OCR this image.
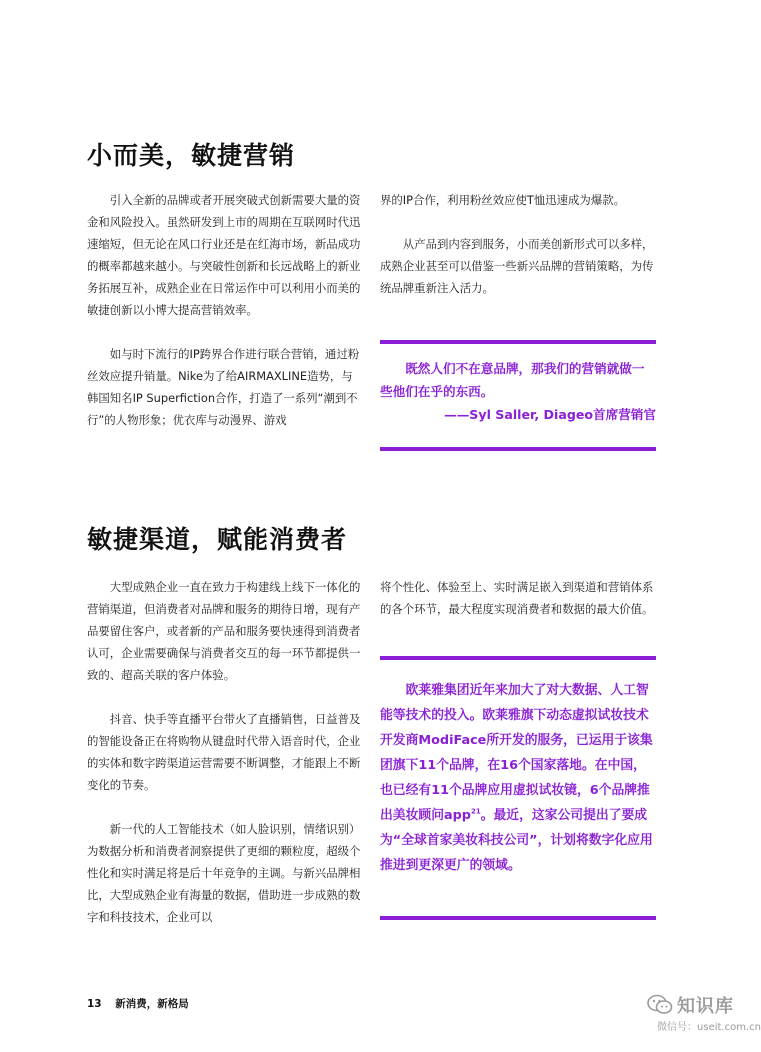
小而美，敏捷营销

引入全新的品牌或者开展突破式创新需要大量的资金和风险投入。虽然研发到上市的周期在互联网时代迅速缩短，但无论在风口行业还是在红海市场，新品成功的概率都越来越小。与突破性创新和长远战略上的新业务拓展互补，成熟企业在日常运作中可以利用小而美的敏捷创新以小博大提高营销效率。

如与时下流行的IP跨界合作进行联合营销，通过粉丝效应提升销量。Nike为了给AIRMAXLINE造势，与韩国知名IP Superfiction合作，打造了一系列“潮到不行”的人物形象；优衣库与动漫界、游戏

界的IP合作，利用粉丝效应使T恤迅速成为爆款。

从产品到内容到服务，小而美创新形式可以多样，成熟企业甚至可以借鉴一些新兴品牌的营销策略，为传统品牌重新注入活力。

既然人们不在意品牌，那我们的营销就做一些他们在乎的东西。
——Syl Saller, Diageo首席营销官
敏捷渠道，赋能消费者

大型成熟企业一直在致力于构建线上线下一体化的营销渠道，但消费者对品牌和服务的期待日增，现有产品要留住客户，或者新的产品和服务要快速得到消费者认可，企业需要确保与消费者交互的每一环节都提供一致的、超高关联的客户体验。

抖音、快手等直播平台带火了直播销售，日益普及的智能设备正在将购物从键盘时代带入语音时代，企业的实体和数字跨渠道运营需要不断调整，才能跟上不断变化的节奏。

新一代的人工智能技术（如人脸识别，情绪识别）为数据分析和消费者洞察提供了更细的颗粒度，超级个性化和实时满足将是后十年竞争的主调。与新兴品牌相比，大型成熟企业有海量的数据，借助进一步成熟的数字和科技技术，企业可以

将个性化、体验至上、实时满足嵌入到渠道和营销体系的各个环节，最大程度实现消费者和数据的最大价值。

欧莱雅集团近年来加大了对大数据、人工智能等技术的投入。欧莱雅旗下动态虚拟试妆技术开发商ModiFace所开发的服务，已运用于该集团旗下11个品牌，在16个国家落地。在中国，也已经有11个品牌应用虚拟试妆镜，6个品牌推出美妆顾问app$^{21}$。最近，这家公司提出了要成为“全球首家美妆科技公司”，计划将数字化应用推进到更深更广的领域。

13 新消费，新格局	知识库
微信号：useit.com.cn
